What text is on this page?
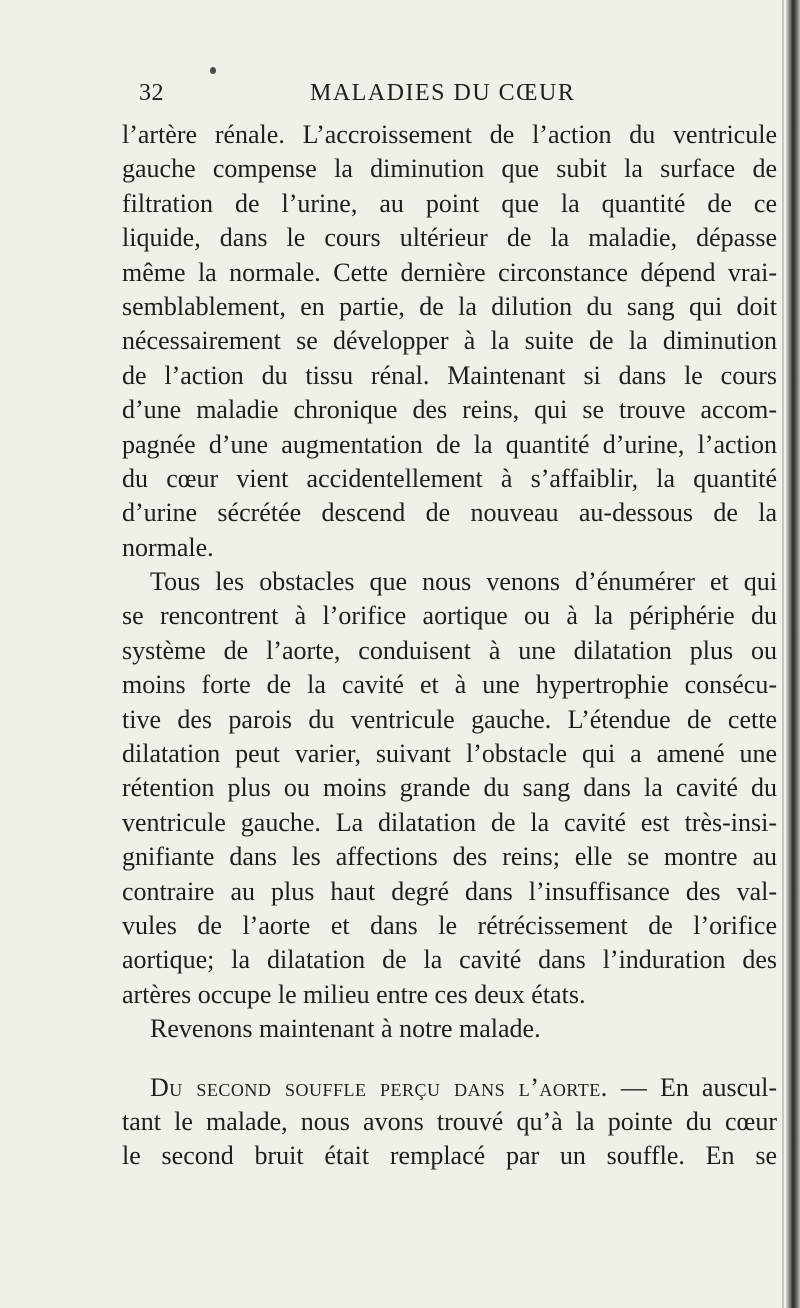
32	MALADIES DU CŒUR
l’artère rénale. L’accroissement de l’action du ventricule
gauche compense la diminution que subit la surface de
filtration de l’urine, au point que la quantité de ce
liquide, dans le cours ultérieur de la maladie, dépasse
même la normale. Cette dernière circonstance dépend vrai-
semblablement, en partie, de la dilution du sang qui doit
nécessairement se développer à la suite de la diminution
de l’action du tissu rénal. Maintenant si dans le cours
d’une maladie chronique des reins, qui se trouve accom-
pagnée d’une augmentation de la quantité d’urine, l’action
du cœur vient accidentellement à s’affaiblir, la quantité
d’urine sécrétée descend de nouveau au-dessous de la
normale.
Tous les obstacles que nous venons d’énumérer et qui
se rencontrent à l’orifice aortique ou à la périphérie du
système de l’aorte, conduisent à une dilatation plus ou
moins forte de la cavité et à une hypertrophie consécu-
tive des parois du ventricule gauche. L’étendue de cette
dilatation peut varier, suivant l’obstacle qui a amené une
rétention plus ou moins grande du sang dans la cavité du
ventricule gauche. La dilatation de la cavité est très-insi-
gnifiante dans les affections des reins; elle se montre au
contraire au plus haut degré dans l’insuffisance des val-
vules de l’aorte et dans le rétrécissement de l’orifice
aortique; la dilatation de la cavité dans l’induration des
artères occupe le milieu entre ces deux états.
Revenons maintenant à notre malade.
Du second souffle perçu dans l’aorte. — En auscul-
tant le malade, nous avons trouvé qu’à la pointe du cœur
le second bruit était remplacé par un souffle. En se
